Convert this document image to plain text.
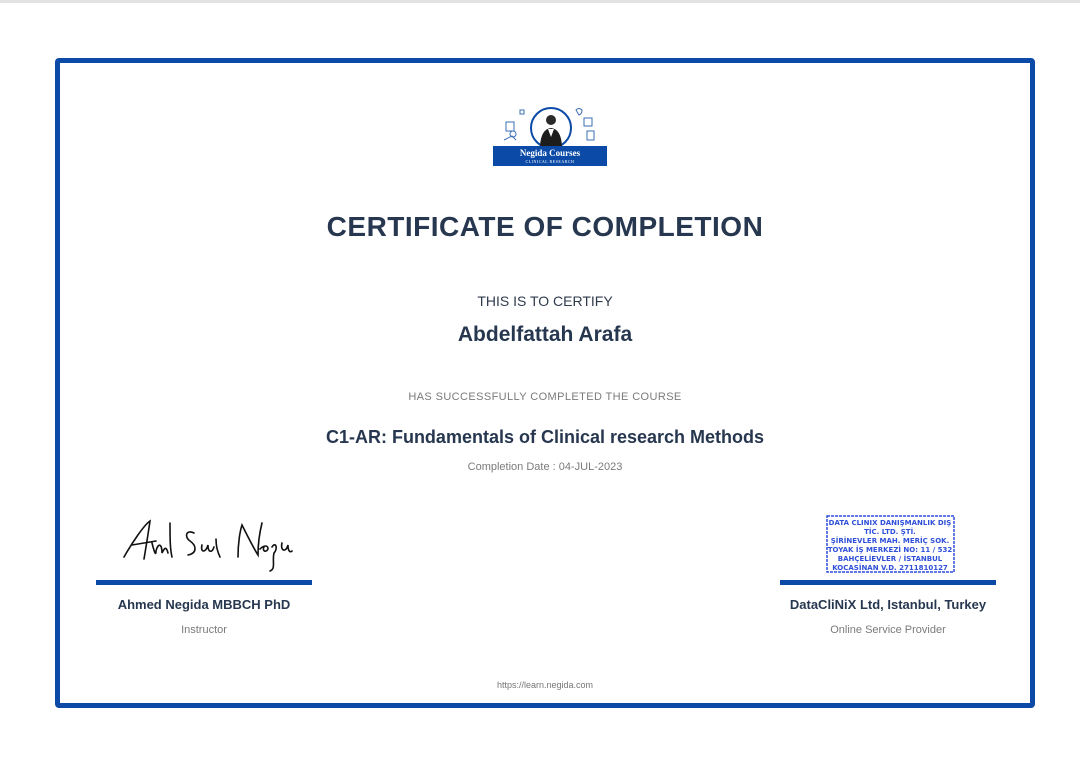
Negida Courses
CLINICAL RESEARCH
CERTIFICATE OF COMPLETION
THIS IS TO CERTIFY
Abdelfattah Arafa
HAS SUCCESSFULLY COMPLETED THE COURSE
C1-AR: Fundamentals of Clinical research Methods
Completion Date : 04-JUL-2023
DATA CLINIX DANIŞMANLIK DIŞ
TİC. LTD. ŞTİ.
ŞİRİNEVLER MAH. MERİÇ SOK.
TOYAK İŞ MERKEZİ NO: 11 / 532
BAHÇELİEVLER / İSTANBUL
KOCASİNAN V.D. 2711810127
Ahmed Negida MBBCH PhD
Instructor
DataCliNiX Ltd, Istanbul, Turkey
Online Service Provider
https://learn.negida.com
